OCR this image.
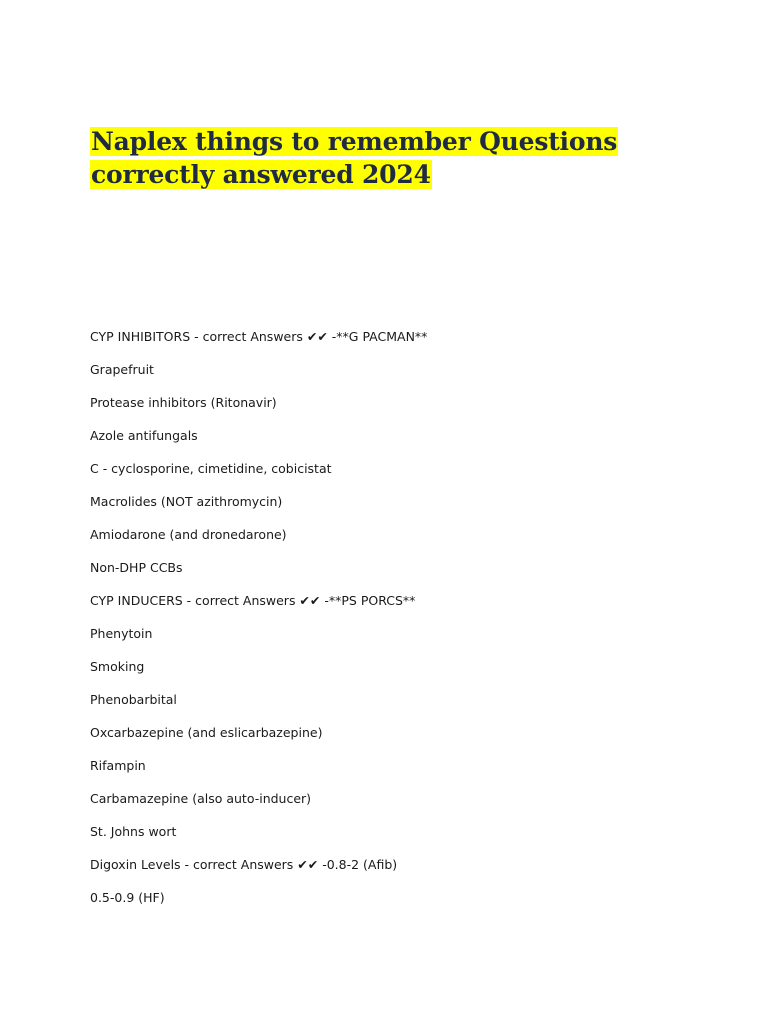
Naplex things to remember Questions correctly answered 2024
CYP INHIBITORS - correct Answers ✔✔ -**G PACMAN**
Grapefruit
Protease inhibitors (Ritonavir)
Azole antifungals
C - cyclosporine, cimetidine, cobicistat
Macrolides (NOT azithromycin)
Amiodarone (and dronedarone)
Non-DHP CCBs
CYP INDUCERS - correct Answers ✔✔ -**PS PORCS**
Phenytoin
Smoking
Phenobarbital
Oxcarbazepine (and eslicarbazepine)
Rifampin
Carbamazepine (also auto-inducer)
St. Johns wort
Digoxin Levels - correct Answers ✔✔ -0.8-2 (Afib)
0.5-0.9 (HF)
